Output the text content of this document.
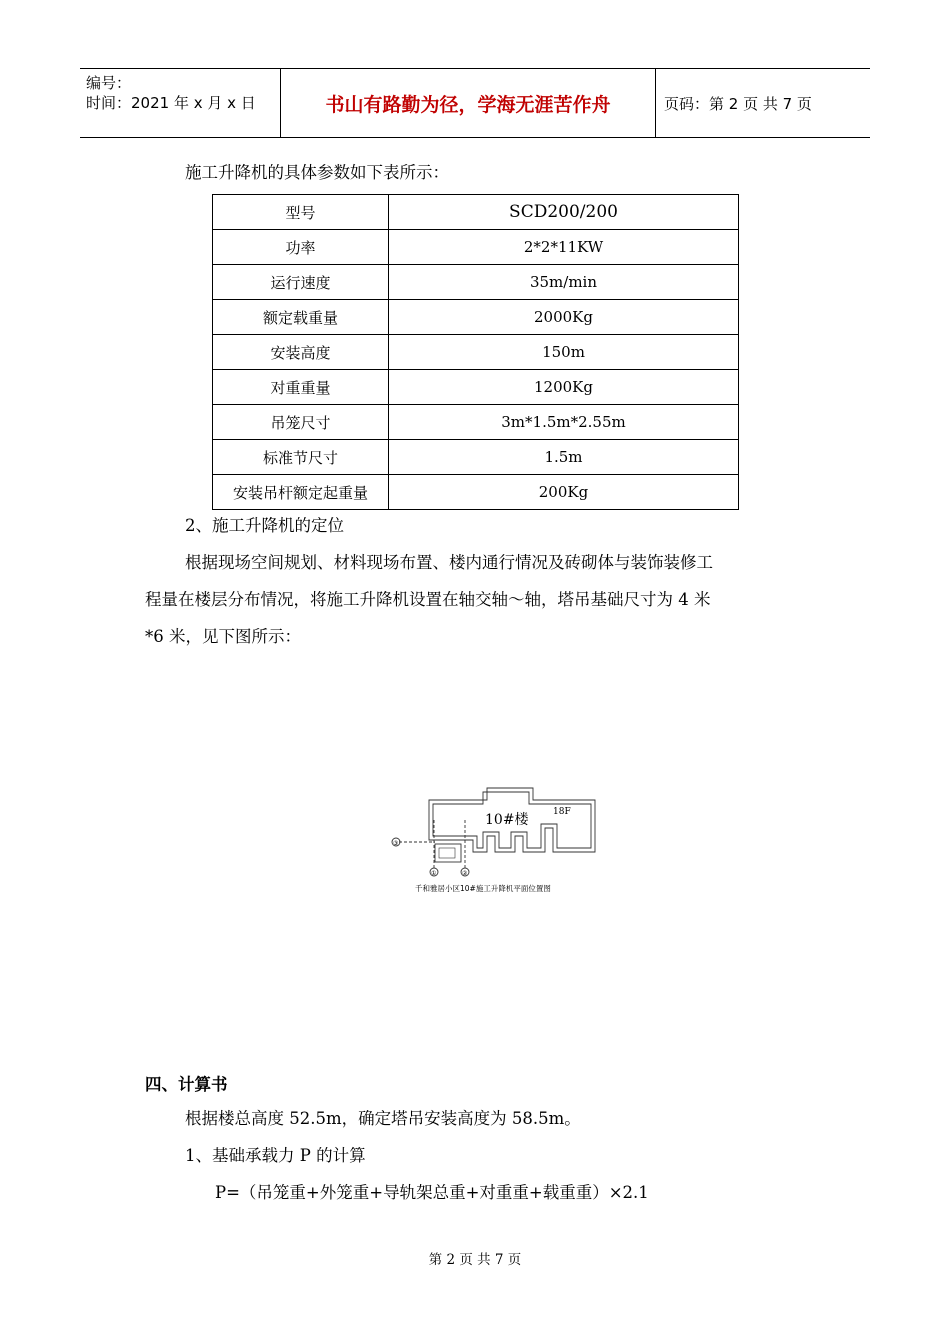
编号：
时间：2021 年 x 月 x 日	书山有路勤为径，学海无涯苦作舟	页码：第 2 页 共 7 页
施工升降机的具体参数如下表所示：
型号	SCD200/200
功率	2*2*11KW
运行速度	35m/min
额定载重量	2000Kg
安装高度	150m
对重重量	1200Kg
吊笼尺寸	3m*1.5m*2.55m
标准节尺寸	1.5m
安装吊杆额定起重量	200Kg
2、施工升降机的定位
根据现场空间规划、材料现场布置、楼内通行情况及砖砌体与装饰装修工
程量在楼层分布情况，将施工升降机设置在轴交轴～轴，塔吊基础尺寸为 4 米
*6 米，见下图所示：
10#楼	18F
③
①	②
千和雅居小区10#施工升降机平面位置图
四、计算书
根据楼总高度 52.5m，确定塔吊安装高度为 58.5m。
1、基础承载力 P 的计算
P=（吊笼重+外笼重+导轨架总重+对重重+载重重）×2.1
第 2 页 共 7 页
